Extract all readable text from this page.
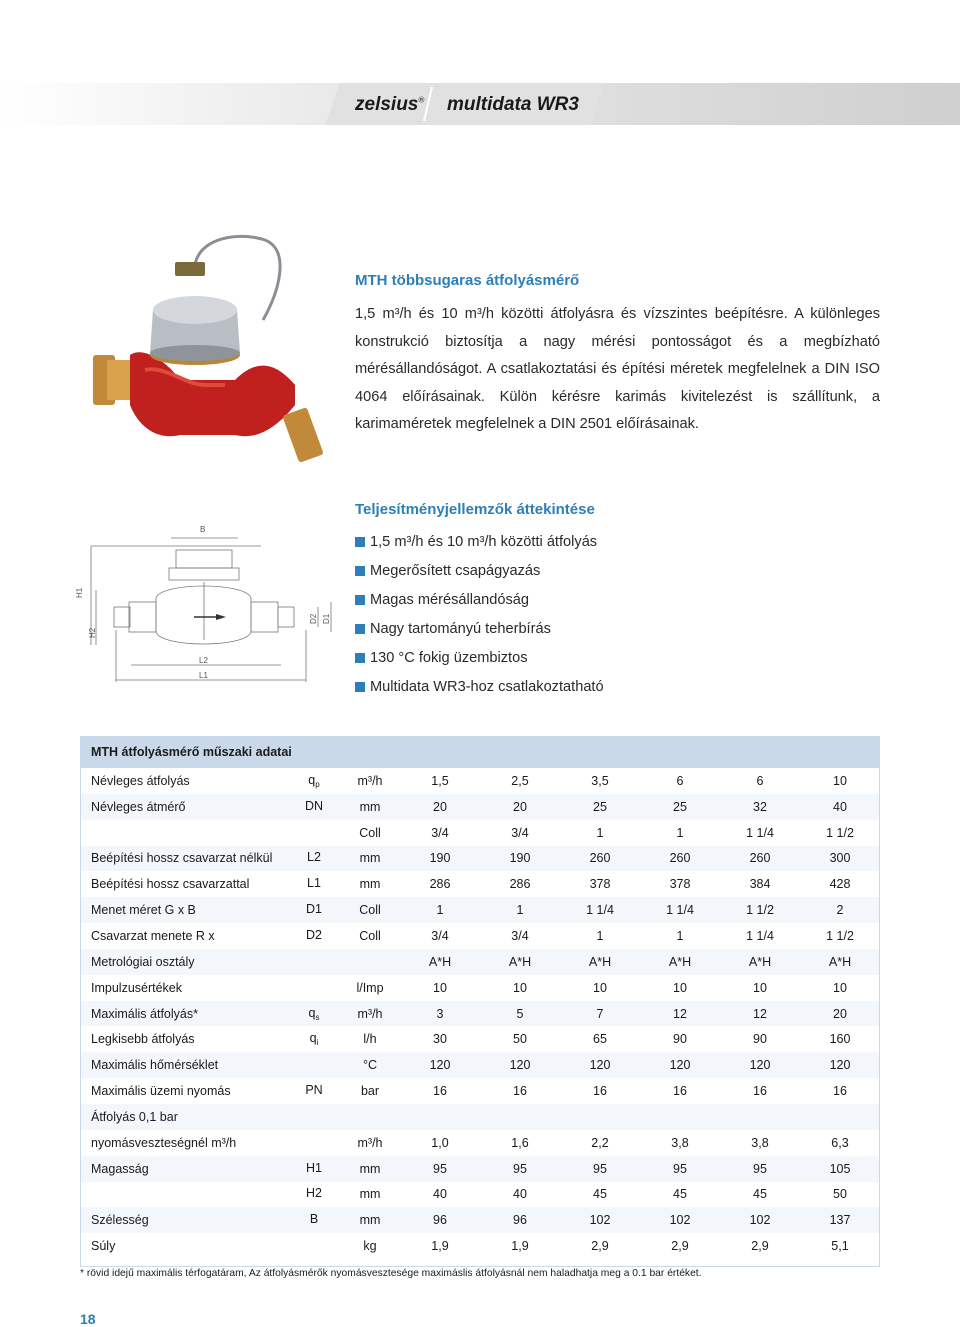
zelsius® multidata WR3
MTH többsugaras átfolyásmérő

1,5 m³/h és 10 m³/h közötti átfolyásra és vízszintes beépítésre. A különleges konstrukció biztosítja a nagy mérési pontosságot és a megbízható mérésállandóságot. A csatlakoztatási és építési méretek megfelelnek a DIN ISO 4064 előírásainak. Külön kérésre karimás kivitelezést is szállítunk, a karimaméretek megfelelnek a DIN 2501 előírásainak.

B
H1
H2
L2
L1
D2 D1
Teljesítményjellemzők áttekintése
1,5 m³/h és 10 m³/h közötti átfolyás
Megerősített csapágyazás
Magas mérésállandóság
Nagy tartományú teherbírás
130 °C fokig üzembiztos
Multidata WR3-hoz csatlakoztatható
MTH átfolyásmérő műszaki adatai
Névleges átfolyás	$q_p$	m³/h	1,5	2,5	3,5	6	6	10
Névleges átmérő	DN	mm	20	20	25	25	32	40
		Coll	3/4	3/4	1	1	1 1/4	1 1/2
Beépítési hossz csavarzat nélkül	L2	mm	190	190	260	260	260	300
Beépítési hossz csavarzattal	L1	mm	286	286	378	378	384	428
Menet méret G x B	D1	Coll	1	1	1 1/4	1 1/4	1 1/2	2
Csavarzat menete R x	D2	Coll	3/4	3/4	1	1	1 1/4	1 1/2
Metrológiai osztály			A*H	A*H	A*H	A*H	A*H	A*H
Impulzusértékek		l/Imp	10	10	10	10	10	10
Maximális átfolyás*	$q_s$	m³/h	3	5	7	12	12	20
Legkisebb átfolyás	$q_i$	l/h	30	50	65	90	90	160
Maximális hőmérséklet		°C	120	120	120	120	120	120
Maximális üzemi nyomás	PN	bar	16	16	16	16	16	16
Átfolyás 0,1 bar								
nyomásveszteségnél m³/h		m³/h	1,0	1,6	2,2	3,8	3,8	6,3
Magasság	H1	mm	95	95	95	95	95	105
	H2	mm	40	40	45	45	45	50
Szélesség	B	mm	96	96	102	102	102	137
Súly		kg	1,9	1,9	2,9	2,9	2,9	5,1
* rövid idejű maximális térfogatáram, Az átfolyásmérők nyomásvesztesége maximáslis átfolyásnál nem haladhatja meg a 0.1 bar értéket.
18
